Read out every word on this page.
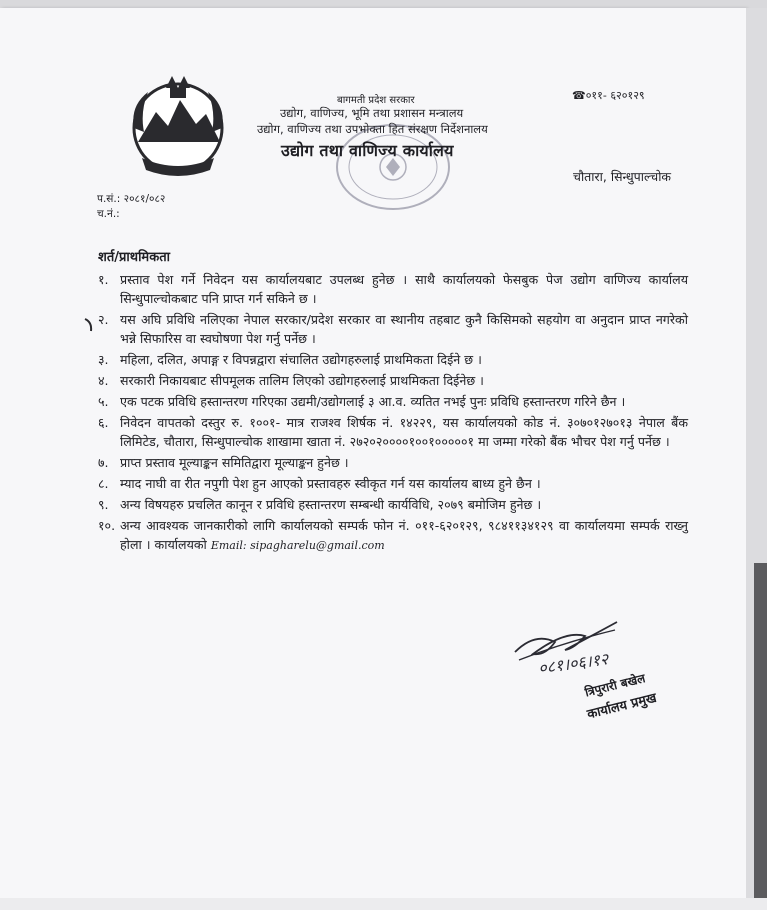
बागमती प्रदेश सरकार
उद्योग, वाणिज्य, भूमि तथा प्रशासन मन्त्रालय
उद्योग, वाणिज्य तथा उपभोक्ता हित संरक्षण निर्देशनालय
उद्योग तथा वाणिज्य कार्यालय
☎०११- ६२०१२९
चौतारा, सिन्धुपाल्चोक
प.सं.: २०८१/०८२
च.नं.:
शर्त/प्राथमिकता
१. प्रस्ताव पेश गर्ने निवेदन यस कार्यालयबाट उपलब्ध हुनेछ । साथै कार्यालयको फेसबुक पेज उद्योग वाणिज्य कार्यालय सिन्धुपाल्चोकबाट पनि प्राप्त गर्न सकिने छ ।
२. यस अघि प्रविधि नलिएका नेपाल सरकार/प्रदेश सरकार वा स्थानीय तहबाट कुनै किसिमको सहयोग वा अनुदान प्राप्त नगरेको भन्ने सिफारिस वा स्वघोषणा पेश गर्नु पर्नेछ ।
३. महिला, दलित, अपाङ्ग र विपन्नद्वारा संचालित उद्योगहरुलाई प्राथमिकता दिईने छ ।
४. सरकारी निकायबाट सीपमूलक तालिम लिएको उद्योगहरुलाई प्राथमिकता दिईनेछ ।
५. एक पटक प्रविधि हस्तान्तरण गरिएका उद्यमी/उद्योगलाई ३ आ.व. व्यतित नभई पुनः प्रविधि हस्तान्तरण गरिने छैन ।
६. निवेदन वापतको दस्तुर रु. १००१- मात्र राजश्व शिर्षक नं. १४२२९, यस कार्यालयको कोड नं. ३०७०१२७०१३ नेपाल बैंक लिमिटेड, चौतारा, सिन्धुपाल्चोक शाखामा खाता नं. २७२०२००००१००१०००००१ मा जम्मा गरेको बैंक भौचर पेश गर्नु पर्नेछ ।
७. प्राप्त प्रस्ताव मूल्याङ्कन समितिद्वारा मूल्याङ्कन हुनेछ ।
८. म्याद नाघी वा रीत नपुगी पेश हुन आएको प्रस्तावहरु स्वीकृत गर्न यस कार्यालय बाध्य हुने छैन ।
९. अन्य विषयहरु प्रचलित कानून र प्रविधि हस्तान्तरण सम्बन्धी कार्यविधि, २०७९ बमोजिम हुनेछ ।
१०. अन्य आवश्यक जानकारीको लागि कार्यालयको सम्पर्क फोन नं. ०११-६२०१२९, ९८४११३४१२९ वा कार्यालयमा सम्पर्क राख्नु होला । कार्यालयको Email: sipagharelu@gmail.com
०८१।०६।१२
त्रिपुरारी बखेल
कार्यालय प्रमुख
